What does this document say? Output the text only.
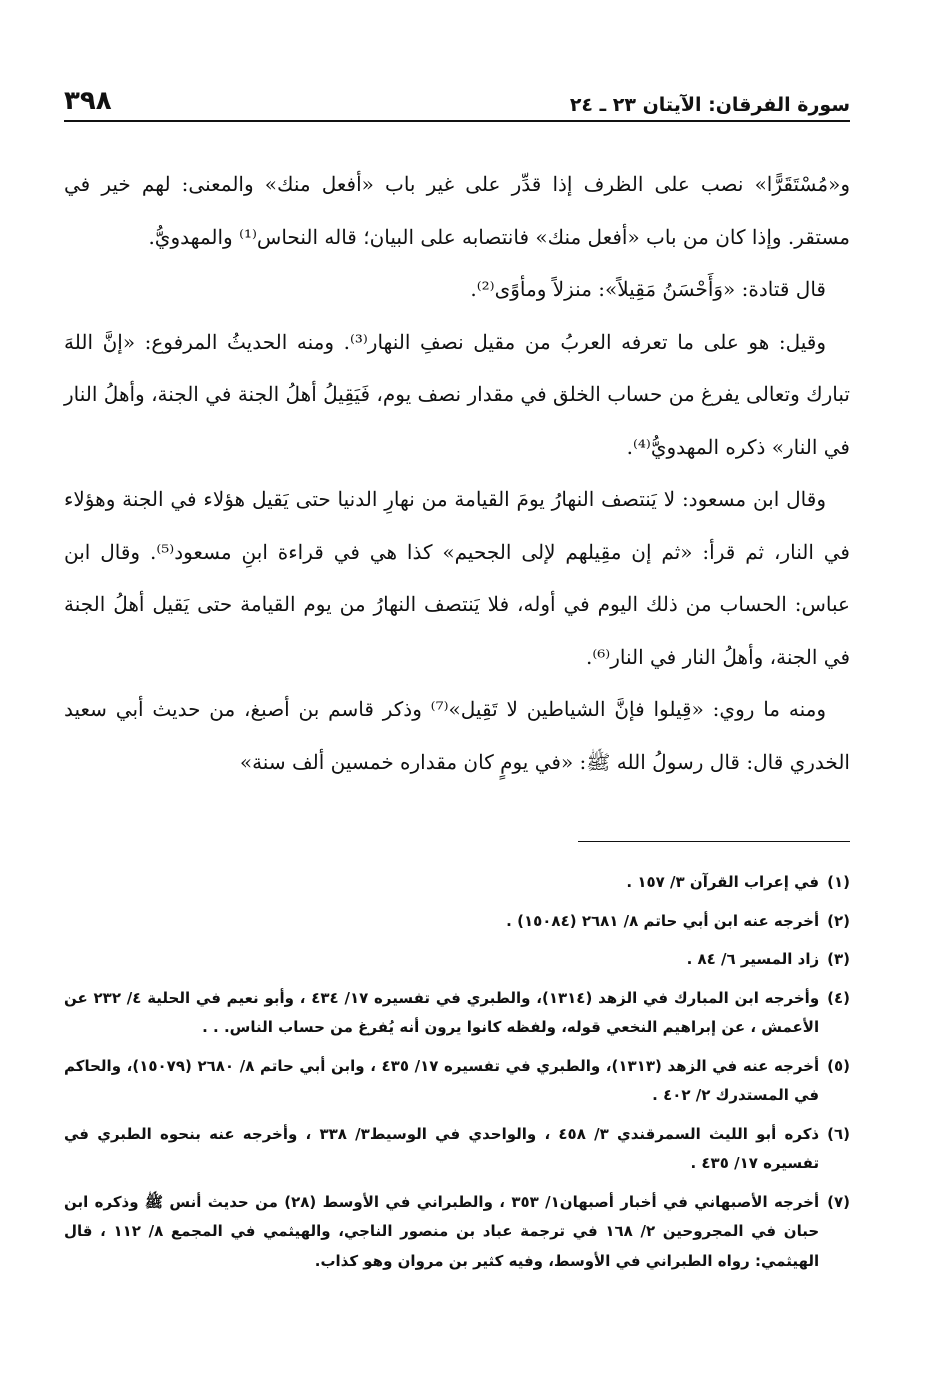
سورة الفرقان: الآيتان ٢٣ ـ ٢٤
٣٩٨

و«مُسْتَقَرًّا» نصب على الظرف إذا قدِّر على غير باب «أفعل منك» والمعنى: لهم خير في مستقر. وإذا كان من باب «أفعل منك» فانتصابه على البيان؛ قاله النحاس⁽¹⁾ والمهدويُّ.

قال قتادة: «وَأَحْسَنُ مَقِيلاً»: منزلاً ومأوًى⁽²⁾.

وقيل: هو على ما تعرفه العربُ من مقيل نصفِ النهار⁽³⁾. ومنه الحديثُ المرفوع: «إنَّ اللهَ تبارك وتعالى يفرغ من حساب الخلق في مقدار نصف يوم، فَيَقِيلُ أهلُ الجنة في الجنة، وأهلُ النار في النار» ذكره المهدويُّ⁽⁴⁾.

وقال ابن مسعود: لا يَنتصف النهارُ يومَ القيامة من نهارِ الدنيا حتى يَقيل هؤلاء في الجنة وهؤلاء في النار، ثم قرأ: «ثم إن مقِيلهم لإلى الجحيم» كذا هي في قراءة ابنِ مسعود⁽⁵⁾. وقال ابن عباس: الحساب من ذلك اليوم في أوله، فلا يَنتصف النهارُ من يوم القيامة حتى يَقيل أهلُ الجنة في الجنة، وأهلُ النار في النار⁽⁶⁾.

ومنه ما روي: «قِيلوا فإنَّ الشياطين لا تَقِيل»⁽⁷⁾ وذكر قاسم بن أصبغ، من حديث أبي سعيد الخدري قال: قال رسولُ الله ﷺ: «في يومٍ كان مقداره خمسين ألف سنة»

(١)
في إعراب القرآن ٣/ ١٥٧ .
(٢)
أخرجه عنه ابن أبي حاتم ٨/ ٢٦٨١ (١٥٠٨٤) .
(٣)
زاد المسير ٦/ ٨٤ .
(٤)
وأخرجه ابن المبارك في الزهد (١٣١٤)، والطبري في تفسيره ١٧/ ٤٣٤ ، وأبو نعيم في الحلية ٤/ ٢٣٢ عن الأعمش ، عن إبراهيم النخعي قوله، ولفظه كانوا يرون أنه يُفرغ من حساب الناس. . .
(٥)
أخرجه عنه في الزهد (١٣١٣)، والطبري في تفسيره ١٧/ ٤٣٥ ، وابن أبي حاتم ٨/ ٢٦٨٠ (١٥٠٧٩)، والحاكم في المستدرك ٢/ ٤٠٢ .
(٦)
ذكره أبو الليث السمرقندي ٣/ ٤٥٨ ، والواحدي في الوسيط٣/ ٣٣٨ ، وأخرجه عنه بنحوه الطبري في تفسيره ١٧/ ٤٣٥ .
(٧)
أخرجه الأصبهاني في أخبار أصبهان١/ ٣٥٣ ، والطبراني في الأوسط (٢٨) من حديث أنس ﷺ وذكره ابن حبان في المجروحين ٢/ ١٦٨ في ترجمة عباد بن منصور الناجي، والهيثمي في المجمع ٨/ ١١٢ ، قال الهيثمي: رواه الطبراني في الأوسط، وفيه كثير بن مروان وهو كذاب.
